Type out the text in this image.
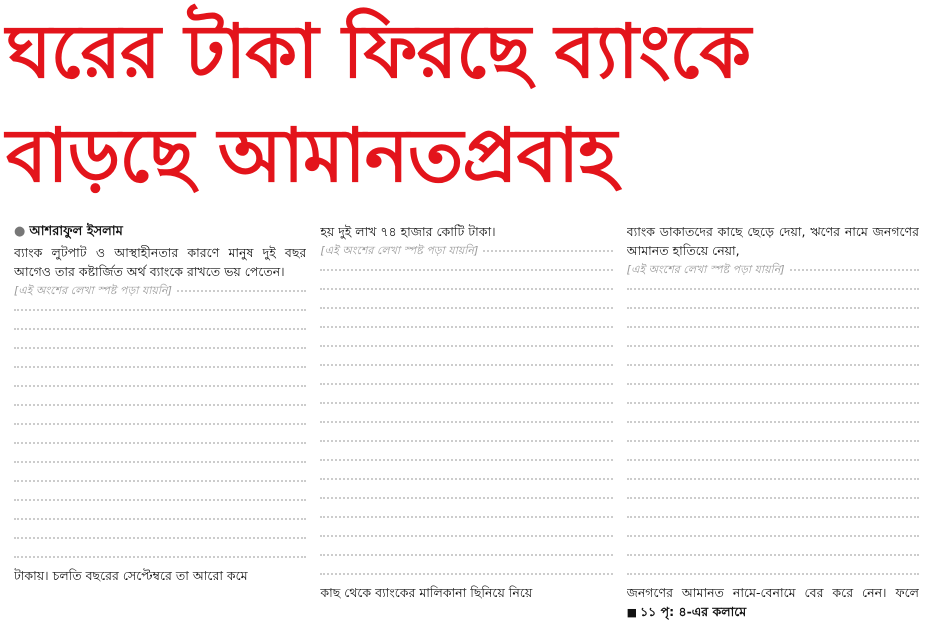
ঘরের টাকা ফিরছে ব্যাংকে
বাড়ছে আমানতপ্রবাহ

● আশরাফুল ইসলাম

ব্যাংক লুটপাট ও আস্থাহীনতার কারণে মানুষ দুই বছর আগেও তার কষ্টার্জিত অর্থ ব্যাংকে রাখতে ভয় পেতেন।

[এই অংশের লেখা স্পষ্ট পড়া যায়নি]

টাকায়। চলতি বছরের সেপ্টেম্বরে তা আরো কমে

হয় দুই লাখ ৭৪ হাজার কোটি টাকা।

[এই অংশের লেখা স্পষ্ট পড়া যায়নি]

কাছ থেকে ব্যাংকের মালিকানা ছিনিয়ে নিয়ে

ব্যাংক ডাকাতদের কাছে ছেড়ে দেয়া, ঋণের নামে জনগণের আমানত হাতিয়ে নেয়া,

[এই অংশের লেখা স্পষ্ট পড়া যায়নি]

জনগণের আমানত নামে-বেনামে বের করে নেন। ফলে ■ ১১ পৃ: ৪-এর কলামে
